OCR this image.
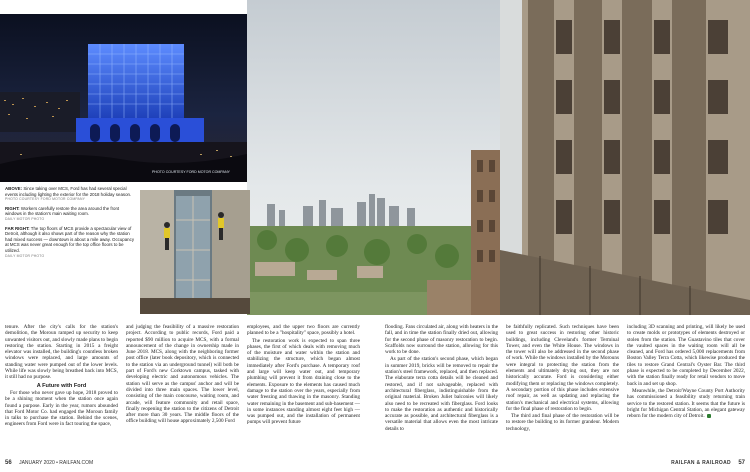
PHOTO COURTESY FORD MOTOR COMPANY

ABOVE: Since taking over MCS, Ford has had several special events including lighting the exterior for the 2018 holiday season.
PHOTO COURTESY FORD MOTOR COMPANY

RIGHT: Workers carefully restore the area around the front windows in the station's main waiting room.
DAILY MOTOR PHOTO

FAR RIGHT: The top floors of MCS provide a spectacular view of Detroit, although it also shows part of the reason why the station had mixed success — downtown is about a mile away. Occupancy at MCS was never great enough for the top office floors to be utilized.
DAILY MOTOR PHOTO

tenure. After the city's calls for the station's demolition, the Moroun ramped up security to keep unwanted visitors out, and slowly made plans to begin restoring the station. Starting in 2015 a freight elevator was installed, the building's countless broken windows were replaced, and large amounts of standing water were pumped out of the lower levels. While life was slowly being breathed back into MCS, it still had no purpose.

A Future with Ford

For those who never gave up hope, 2018 proved to be a shining moment when the station once again found a purpose. Early in the year, rumors abounded that Ford Motor Co. had engaged the Moroun family in talks to purchase the station. Behind the scenes, engineers from Ford were in fact touring the space,

and judging the feasibility of a massive restoration project. According to public records, Ford paid a reported $90 million to acquire MCS, with a formal announcement of the change in ownership made in June 2018. MCS, along with the neighboring former post office (later book depository, which is connected to the station via an underground tunnel) will both be part of Ford's new Corktown campus, tasked with developing electric and autonomous vehicles. The station will serve as the campus' anchor and will be divided into three main spaces. The lower level, consisting of the main concourse, waiting room, and arcade, will feature community and retail space, finally reopening the station to the citizens of Detroit after more than 30 years. The middle floors of the office building will house approximately 2,500 Ford

employees, and the upper two floors are currently planned to be a "hospitality" space, possibly a hotel.

The restoration work is expected to span three phases, the first of which deals with removing much of the moisture and water within the station and stabilizing the structure, which began almost immediately after Ford's purchase. A temporary roof and large will keep water out, and temporary plumbing will prevent it from draining close to the elements. Exposure to the elements has caused much damage to the station over the years, especially from water freezing and thawing in the masonry. Standing water remaining in the basement and sub-basement — in some instances standing almost eight feet high — was pumped out, and the installation of permanent pumps will prevent future

flooding. Fans circulated air, along with heaters in the fall, and in time the station finally dried out, allowing for the second phase of masonry restoration to begin. Scaffolds now surround the station, allowing for this work to be done.

As part of the station's second phase, which began in summer 2019, bricks will be removed to repair the station's steel framework, replaced, and then replaced. The elaborate terra cotta details will be cleaned and restored, and if not salvageable, replaced with architectural fiberglass, indistinguishable from the original material. Broken Juliet balconies will likely also need to be recreated with fiberglass. Ford looks to make the restoration as authentic and historically accurate as possible, and architectural fiberglass is a versatile material that allows even the most intricate details to

be faithfully replicated. Such techniques have been used to great success in restoring other historic buildings, including Cleveland's former Terminal Tower, and even the White House. The windows in the tower will also be addressed in the second phase of work. While the windows installed by the Morouns were integral to protecting the station from the elements and ultimately drying out, they are not historically accurate. Ford is considering either modifying them or replacing the windows completely. A secondary portion of this phase includes extensive roof repair, as well as updating and replacing the station's mechanical and electrical systems, allowing for the final phase of restoration to begin.

The third and final phase of the restoration will be to restore the building to its former grandeur. Modern technology,

including 3D scanning and printing, will likely be used to create molds or prototypes of elements destroyed or stolen from the station. The Guastavino tiles that cover the vaulted spaces in the waiting room will all be cleaned, and Ford has ordered 5,000 replacements from Boston Valley Terra Cotta, which likewise produced the tiles to restore Grand Central's Oyster Bar. The third phase is expected to be completed by December 2022, with the station finally ready for retail vendors to move back in and set up shop.

Meanwhile, the Detroit/Wayne County Port Authority has commissioned a feasibility study returning train service to the restored station. It seems that the future is bright for Michigan Central Station, an elegant gateway reborn for the modern city of Detroit.

56 JANUARY 2020 • RAILFAN.COM	RAILFAN & RAILROAD 57
